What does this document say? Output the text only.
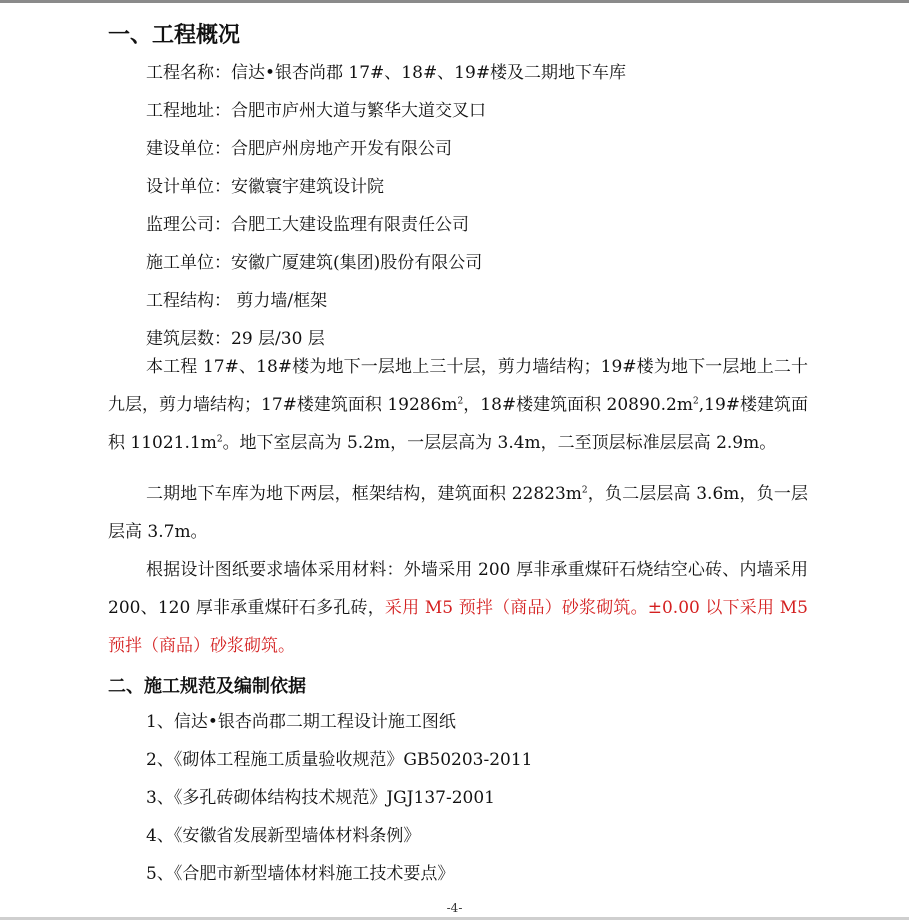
一、工程概况
工程名称：信达•银杏尚郡 17#、18#、19#楼及二期地下车库
工程地址：合肥市庐州大道与繁华大道交叉口
建设单位：合肥庐州房地产开发有限公司
设计单位：安徽寰宇建筑设计院
监理公司：合肥工大建设监理有限责任公司
施工单位：安徽广厦建筑(集团)股份有限公司
工程结构： 剪力墙/框架
建筑层数：29 层/30 层

本工程 17#、18#楼为地下一层地上三十层，剪力墙结构；19#楼为地下一层地上二十九层，剪力墙结构；17#楼建筑面积 $19286m^2$，18#楼建筑面积 $20890.2m^2,19\#$楼建筑面积 $11021.1m^2$。地下室层高为 5.2m，一层层高为 3.4m，二至顶层标准层层高 2.9m。

二期地下车库为地下两层，框架结构，建筑面积 $22823m^2$，负二层层高 3.6m，负一层层高 3.7m。

根据设计图纸要求墙体采用材料：外墙采用 200 厚非承重煤矸石烧结空心砖、内墙采用 200、120 厚非承重煤矸石多孔砖，采用 M5 预拌（商品）砂浆砌筑。±0.00 以下采用 M5 预拌（商品）砂浆砌筑。

二、施工规范及编制依据
1、信达•银杏尚郡二期工程设计施工图纸
2、《砌体工程施工质量验收规范》GB50203-2011
3、《多孔砖砌体结构技术规范》JGJ137-2001
4、《安徽省发展新型墙体材料条例》
5、《合肥市新型墙体材料施工技术要点》
-4-
